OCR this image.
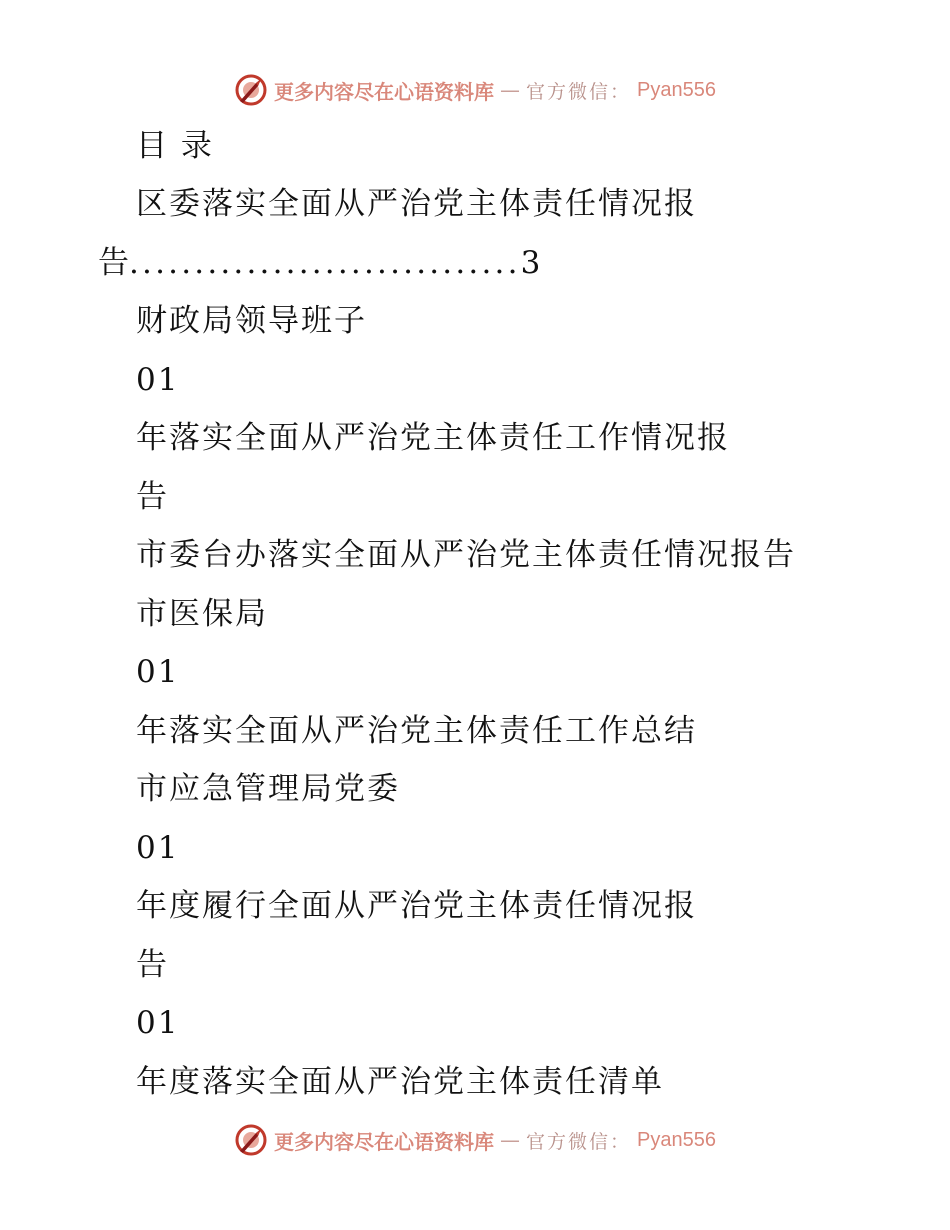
更多内容尽在心语资料库 — 官方微信： Pyan556
目 录
区委落实全面从严治党主体责任情况报
告..............................3
财政局领导班子
01
年落实全面从严治党主体责任工作情况报
告
市委台办落实全面从严治党主体责任情况报告
市医保局
01
年落实全面从严治党主体责任工作总结
市应急管理局党委
01
年度履行全面从严治党主体责任情况报
告
01
年度落实全面从严治党主体责任清单
更多内容尽在心语资料库 — 官方微信： Pyan556
